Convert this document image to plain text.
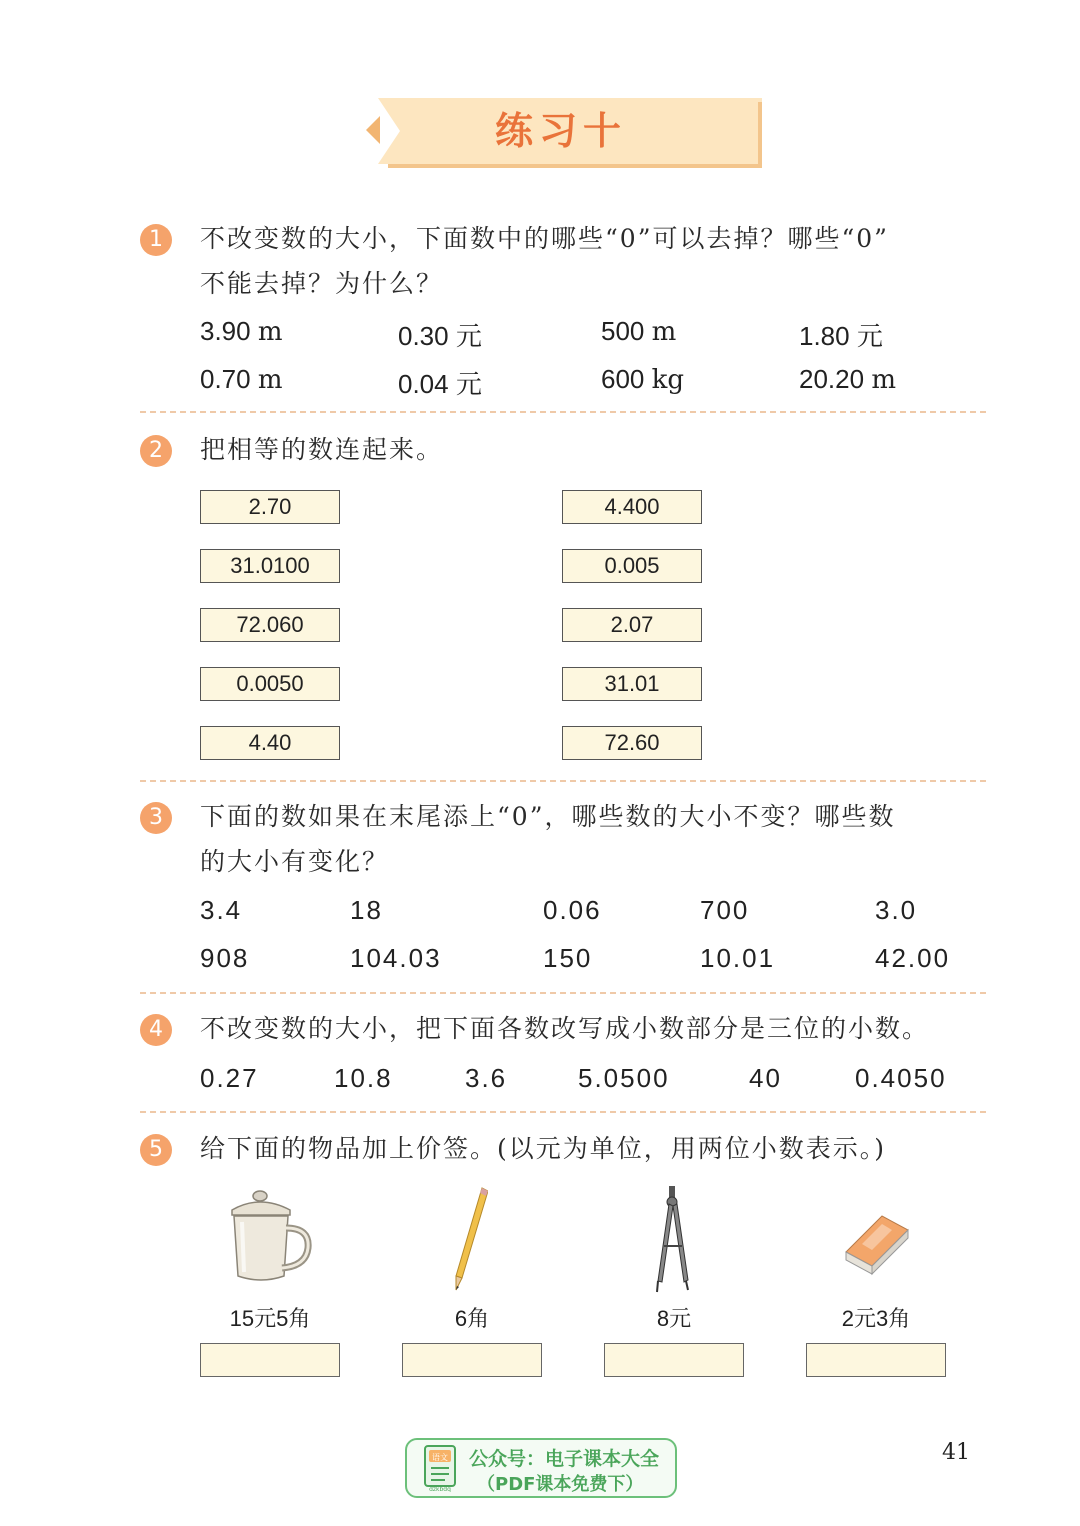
练习十
1	不改变数的大小，下面数中的哪些“0”可以去掉？哪些“0”
不能去掉？为什么？
3.90 m	0.30 元	500 m	1.80 元
0.70 m	0.04 元	600 kg	20.20 m
2	把相等的数连起来。
2.70
31.0100
72.060
0.0050
4.40
4.400
0.005
2.07
31.01
72.60
3	下面的数如果在末尾添上“0”，哪些数的大小不变？哪些数
的大小有变化？
3.4	18	0.06	700	3.0
908	104.03	150	10.01	42.00
4	不改变数的大小，把下面各数改写成小数部分是三位的小数。
0.27	10.8	3.6	5.0500	40	0.4050
5	给下面的物品加上价签。(以元为单位，用两位小数表示。)
15元5角	6角	8元	2元3角
语文
dzkbdq
公众号：电子课本大全
（PDF课本免费下）
41
